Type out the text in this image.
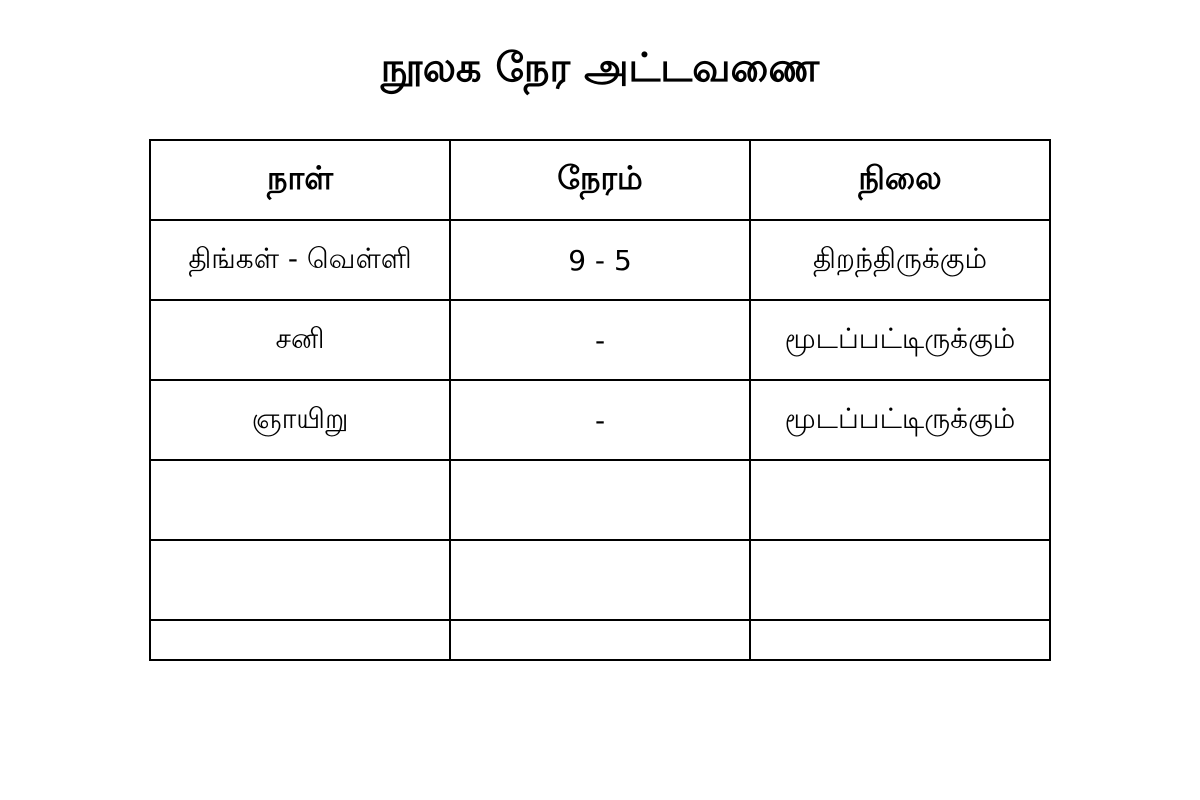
நூலக நேர அட்டவணை
நாள்	நேரம்	நிலை
திங்கள் - வெள்ளி	9 - 5	திறந்திருக்கும்
சனி	-	மூடப்பட்டிருக்கும்
ஞாயிறு	-	மூடப்பட்டிருக்கும்
